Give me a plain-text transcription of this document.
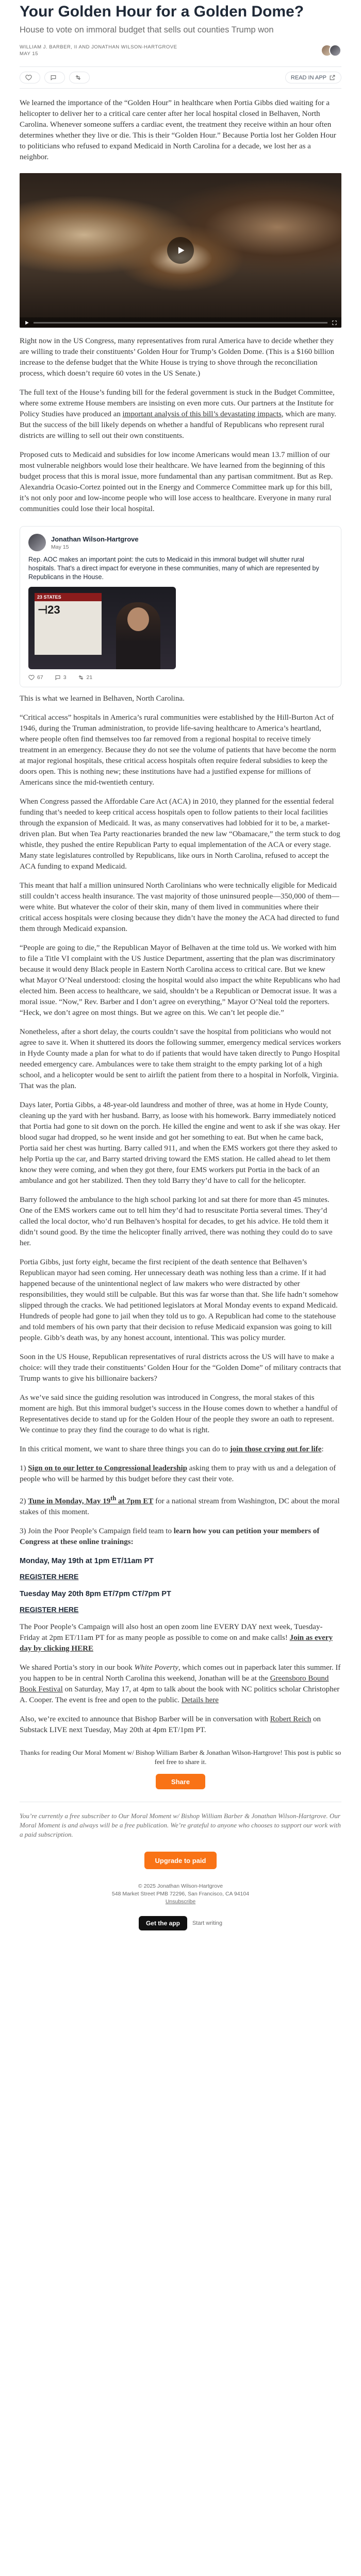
Your Golden Hour for a Golden Dome?
House to vote on immoral budget that sells out counties Trump won
WILLIAM J. BARBER, II AND JONATHAN WILSON-HARTGROVE
MAY 15
READ IN APP

We learned the importance of the “Golden Hour” in healthcare when Portia Gibbs died waiting for a helicopter to deliver her to a critical care center after her local hospital closed in Belhaven, North Carolina. Whenever someone suffers a cardiac event, the treatment they receive within an hour often determines whether they live or die. This is their “Golden Hour.” Because Portia lost her Golden Hour to politicians who refused to expand Medicaid in North Carolina for a decade, we lost her as a neighbor.

Right now in the US Congress, many representatives from rural America have to decide whether they are willing to trade their constituents’ Golden Hour for Trump’s Golden Dome. (This is a $160 billion increase to the defense budget that the White House is trying to shove through the reconciliation process, which doesn’t require 60 votes in the US Senate.)

The full text of the House’s funding bill for the federal government is stuck in the Budget Committee, where some extreme House members are insisting on even more cuts. Our partners at the Institute for Policy Studies have produced an important analysis of this bill’s devastating impacts, which are many. But the success of the bill likely depends on whether a handful of Republicans who represent rural districts are willing to sell out their own constituents.

Proposed cuts to Medicaid and subsidies for low income Americans would mean 13.7 million of our most vulnerable neighbors would lose their healthcare. We have learned from the beginning of this budget process that this is moral issue, more fundamental than any partisan commitment. But as Rep. Alexandria Ocasio-Cortez pointed out in the Energy and Commerce Committee mark up for this bill, it’s not only poor and low-income people who will lose access to healthcare. Everyone in many rural communities could lose their local hospital.

Jonathan Wilson-Hartgrove
May 15
Rep. AOC makes an important point: the cuts to Medicaid in this immoral budget will shutter rural hospitals. That’s a direct impact for everyone in these communities, many of which are represented by Republicans in the House.
23 STATES
⊣23
67	3	21

This is what we learned in Belhaven, North Carolina.

“Critical access” hospitals in America’s rural communities were established by the Hill-Burton Act of 1946, during the Truman administration, to provide life-saving healthcare to America’s heartland, where people often find themselves too far removed from a regional hospital to receive timely treatment in an emergency. Because they do not see the volume of patients that have become the norm at major regional hospitals, these critical access hospitals often require federal subsidies to keep the doors open. This is nothing new; these institutions have had a justified expense for millions of Americans since the mid-twentieth century.

When Congress passed the Affordable Care Act (ACA) in 2010, they planned for the essential federal funding that’s needed to keep critical access hospitals open to follow patients to their local facilities through the expansion of Medicaid. It was, as many conservatives had lobbied for it to be, a market-driven plan. But when Tea Party reactionaries branded the new law “Obamacare,” the term stuck to dog whistle, they pushed the entire Republican Party to equal implementation of the ACA or every stage. Many state legislatures controlled by Republicans, like ours in North Carolina, refused to accept the ACA funding to expand Medicaid.

This meant that half a million uninsured North Carolinians who were technically eligible for Medicaid still couldn’t access health insurance. The vast majority of those uninsured people—350,000 of them—were white. But whatever the color of their skin, many of them lived in communities where their critical access hospitals were closing because they didn’t have the money the ACA had directed to fund them through Medicaid expansion.

“People are going to die,” the Republican Mayor of Belhaven at the time told us. We worked with him to file a Title VI complaint with the US Justice Department, asserting that the plan was discriminatory because it would deny Black people in Eastern North Carolina access to critical care. But we knew what Mayor O’Neal understood: closing the hospital would also impact the white Republicans who had elected him. Been access to healthcare, we said, shouldn’t be a Republican or Democrat issue. It was a moral issue. “Now,” Rev. Barber and I don’t agree on everything,” Mayor O’Neal told the reporters. “Heck, we don’t agree on most things. But we agree on this. We can’t let people die.”

Nonetheless, after a short delay, the courts couldn’t save the hospital from politicians who would not agree to save it. When it shuttered its doors the following summer, emergency medical services workers in Hyde County made a plan for what to do if patients that would have taken directly to Pungo Hospital needed emergency care. Ambulances were to take them straight to the empty parking lot of a high school, and a helicopter would be sent to airlift the patient from there to a hospital in Norfolk, Virginia. That was the plan.

Days later, Portia Gibbs, a 48-year-old laundress and mother of three, was at home in Hyde County, cleaning up the yard with her husband. Barry, as loose with his homework. Barry immediately noticed that Portia had gone to sit down on the porch. He killed the engine and went to ask if she was okay. Her blood sugar had dropped, so he went inside and got her something to eat. But when he came back, Portia said her chest was hurting. Barry called 911, and when the EMS workers got there they asked to help Portia up the car, and Barry started driving toward the EMS station. He called ahead to let them know they were coming, and when they got there, four EMS workers put Portia in the back of an ambulance and got her stabilized. Then they told Barry they’d have to call for the helicopter.

Barry followed the ambulance to the high school parking lot and sat there for more than 45 minutes. One of the EMS workers came out to tell him they’d had to resuscitate Portia several times. They’d called the local doctor, who’d run Belhaven’s hospital for decades, to get his advice. He told them it didn’t sound good. By the time the helicopter finally arrived, there was nothing they could do to save her.

Portia Gibbs, just forty eight, became the first recipient of the death sentence that Belhaven’s Republican mayor had seen coming. Her unnecessary death was nothing less than a crime. If it had happened because of the unintentional neglect of law makers who were distracted by other responsibilities, they would still be culpable. But this was far worse than that. She life hadn’t somehow slipped through the cracks. We had petitioned legislators at Moral Monday events to expand Medicaid. Hundreds of people had gone to jail when they told us to go. A Republican had come to the statehouse and told members of his own party that their decision to refuse Medicaid expansion was going to kill people. Gibb’s death was, by any honest account, intentional. This was policy murder.

Soon in the US House, Republican representatives of rural districts across the US will have to make a choice: will they trade their constituents’ Golden Hour for the “Golden Dome” of military contracts that Trump wants to give his billionaire backers?

As we’ve said since the guiding resolution was introduced in Congress, the moral stakes of this moment are high. But this immoral budget’s success in the House comes down to whether a handful of Representatives decide to stand up for the Golden Hour of the people they swore an oath to represent. We continue to pray they find the courage to do what is right.

In this critical moment, we want to share three things you can do to join those crying out for life:

1) Sign on to our letter to Congressional leadership asking them to pray with us and a delegation of people who will be harmed by this budget before they cast their vote.

2) Tune in Monday, May 19th at 7pm ET for a national stream from Washington, DC about the moral stakes of this moment.

3) Join the Poor People’s Campaign field team to learn how you can petition your members of Congress at these online trainings:

Monday, May 19th at 1pm ET/11am PT
REGISTER HERE
Tuesday May 20th 8pm ET/7pm CT/7pm PT
REGISTER HERE

The Poor People’s Campaign will also host an open zoom line EVERY DAY next week, Tuesday-Friday at 2pm ET/11am PT for as many people as possible to come on and make calls! Join as every day by clicking HERE

We shared Portia’s story in our book White Poverty, which comes out in paperback later this summer. If you happen to be in central North Carolina this weekend, Jonathan will be at the Greensboro Bound Book Festival on Saturday, May 17, at 4pm to talk about the book with NC politics scholar Christopher A. Cooper. The event is free and open to the public. Details here

Also, we’re excited to announce that Bishop Barber will be in conversation with Robert Reich on Substack LIVE next Tuesday, May 20th at 4pm ET/1pm PT.

Thanks for reading Our Moral Moment w/ Bishop William Barber & Jonathan Wilson-Hartgrove! This post is public so feel free to share it.
Share

You’re currently a free subscriber to Our Moral Moment w/ Bishop William Barber & Jonathan Wilson-Hartgrove. Our Moral Moment is and always will be a free publication. We’re grateful to anyone who chooses to support our work with a paid subscription.

Upgrade to paid
© 2025 Jonathan Wilson-Hartgrove
548 Market Street PMB 72296, San Francisco, CA 94104
Unsubscribe
Get the app	Start writing
